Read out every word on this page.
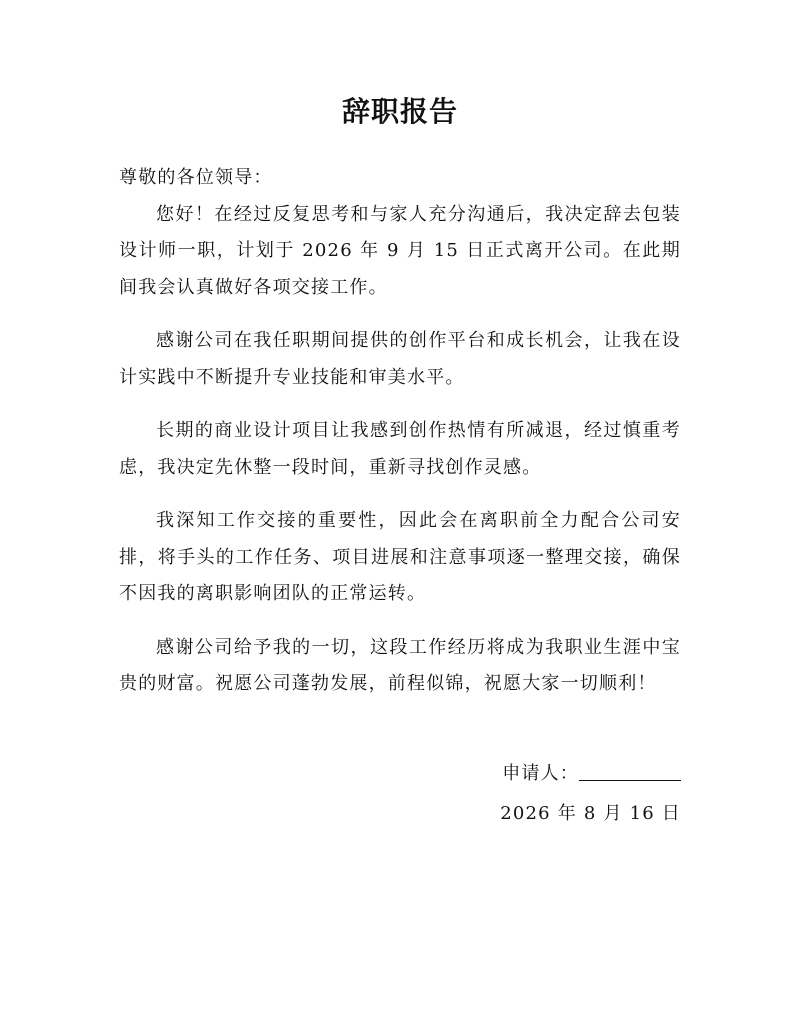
辞职报告

尊敬的各位领导：

您好！在经过反复思考和与家人充分沟通后，我决定辞去包装设计师一职，计划于 2026 年 9 月 15 日正式离开公司。在此期间我会认真做好各项交接工作。

感谢公司在我任职期间提供的创作平台和成长机会，让我在设计实践中不断提升专业技能和审美水平。

长期的商业设计项目让我感到创作热情有所减退，经过慎重考虑，我决定先休整一段时间，重新寻找创作灵感。

我深知工作交接的重要性，因此会在离职前全力配合公司安排，将手头的工作任务、项目进展和注意事项逐一整理交接，确保不因我的离职影响团队的正常运转。

感谢公司给予我的一切，这段工作经历将成为我职业生涯中宝贵的财富。祝愿公司蓬勃发展，前程似锦，祝愿大家一切顺利！

申请人：
2026 年 8 月 16 日
